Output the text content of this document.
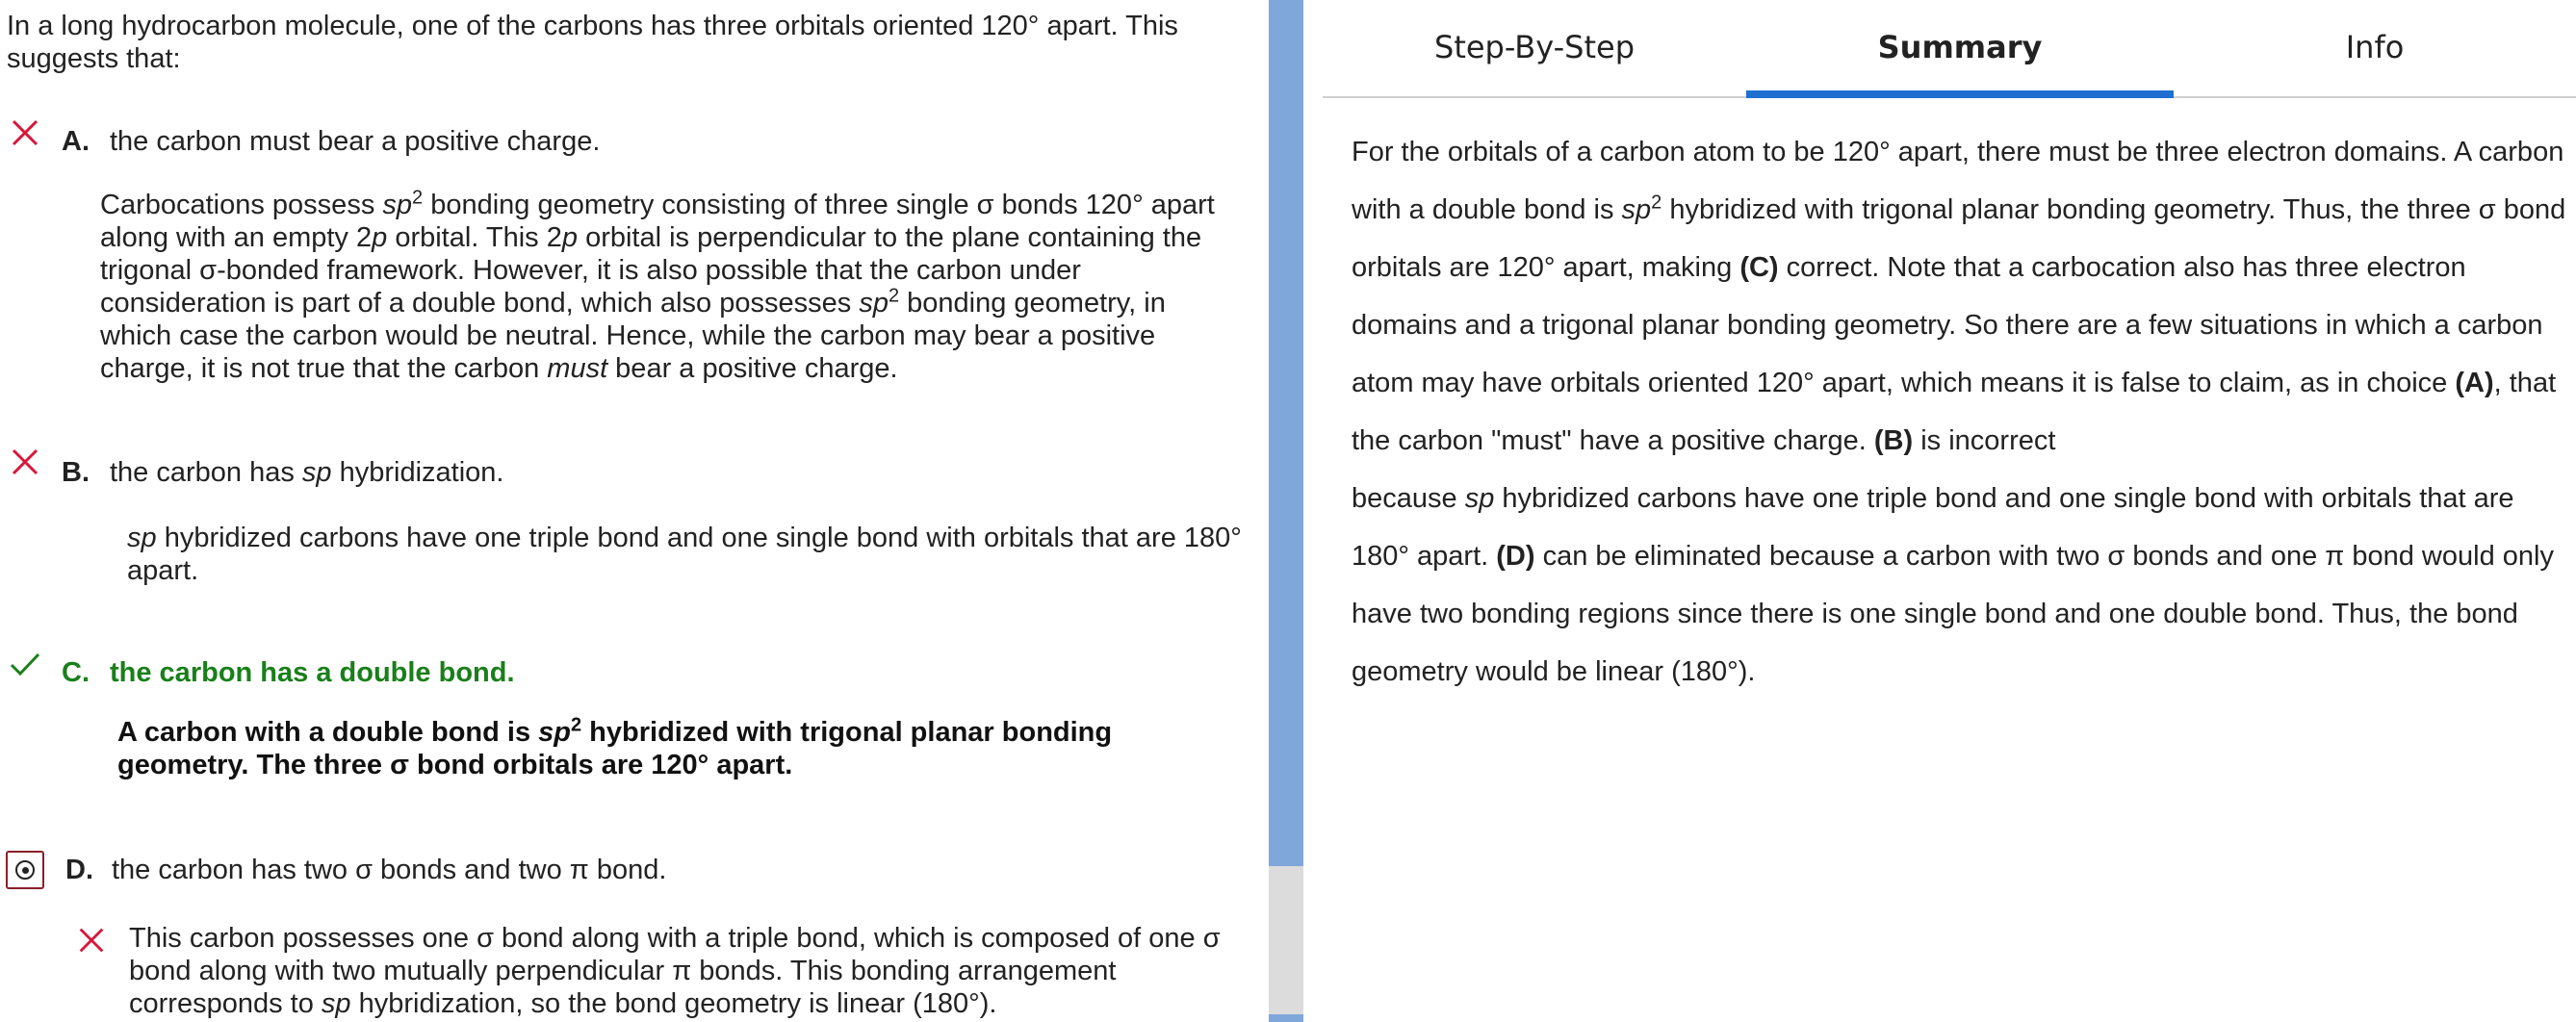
In a long hydrocarbon molecule, one of the carbons has three orbitals oriented 120° apart. This suggests that:
A. the carbon must bear a positive charge.
Carbocations possess $sp^2$ bonding geometry consisting of three single σ bonds 120° apart along with an empty 2p orbital. This 2p orbital is perpendicular to the plane containing the trigonal σ-bonded framework. However, it is also possible that the carbon under consideration is part of a double bond, which also possesses $sp^2$ bonding geometry, in which case the carbon would be neutral. Hence, while the carbon may bear a positive charge, it is not true that the carbon must bear a positive charge.
B. the carbon has sp hybridization.
sp hybridized carbons have one triple bond and one single bond with orbitals that are 180° apart.
C. the carbon has a double bond.
A carbon with a double bond is $sp^2$ hybridized with trigonal planar bonding geometry. The three σ bond orbitals are 120° apart.
D. the carbon has two σ bonds and two π bond.
This carbon possesses one σ bond along with a triple bond, which is composed of one σ bond along with two mutually perpendicular π bonds. This bonding arrangement corresponds to sp hybridization, so the bond geometry is linear (180°).
Step-By-Step	Summary	Info

For the orbitals of a carbon atom to be 120° apart, there must be three electron domains. A carbon with a double bond is $sp^2$ hybridized with trigonal planar bonding geometry. Thus, the three σ bond orbitals are 120° apart, making (C) correct. Note that a carbocation also has three electron domains and a trigonal planar bonding geometry. So there are a few situations in which a carbon atom may have orbitals oriented 120° apart, which means it is false to claim, as in choice (A), that the carbon "must" have a positive charge. (B) is incorrect

because sp hybridized carbons have one triple bond and one single bond with orbitals that are 180° apart. (D) can be eliminated because a carbon with two σ bonds and one π bond would only have two bonding regions since there is one single bond and one double bond. Thus, the bond geometry would be linear (180°).
